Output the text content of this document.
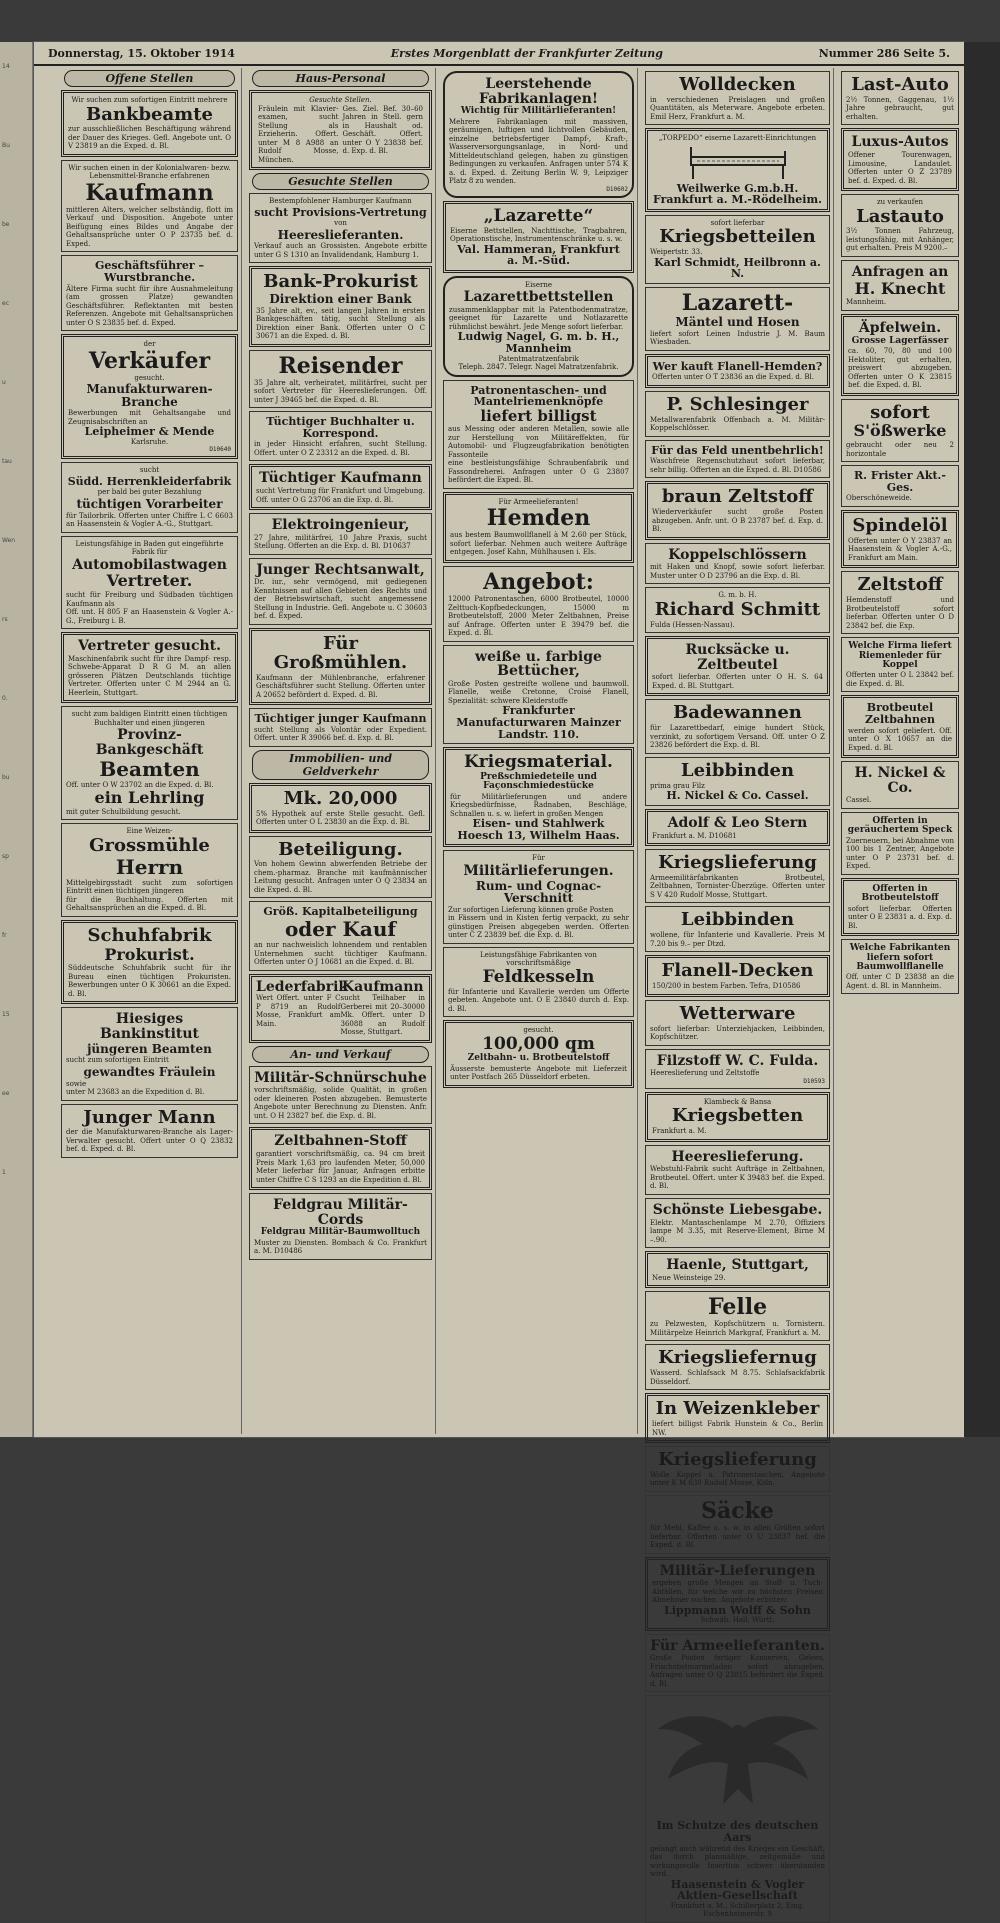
14
Bu
be
ec
u
tau
Wen
rs
0.
bu
sp
fr
15
ee
1
Donnerstag, 15. Oktober 1914	Erstes Morgenblatt der Frankfurter Zeitung	Nummer 286 Seite 5.
Offene Stellen
Wir suchen zum sofortigen Eintritt mehrere
Bankbeamte
zur ausschließlichen Beschäftigung während der Dauer des Krieges. Gefl. Angebote unt. O V 23819 an die Exped. d. Bl.
Wir suchen einen in der Kolonialwaren- bezw. Lebensmittel-Branche erfahrenen
Kaufmann
mittleren Alters, welcher selbständig, flott im Verkauf und Disposition. Angebote unter Beifügung eines Bildes und Angabe der Gehaltsansprüche unter O P 23735 bef. d. Exped.
Geschäftsführer – Wurstbranche.
Ältere Firma sucht für ihre Ausnahmeleitung (am grossen Platze) gewandten Geschäftsführer. Reflektanten mit besten Referenzen. Angebote mit Gehaltsansprüchen unter O S 23835 bef. d. Exped.
der
Verkäufer
gesucht.
Manufakturwaren-Branche
Bewerbungen mit Gehaltsangabe und Zeugnisabschriften an
Leipheimer & Mende
Karlsruhe.
D10640
sucht
Südd. Herrenkleiderfabrik
per bald bei guter Bezahlung
tüchtigen Vorarbeiter
für Tailorbrik. Offerten unter Chiffre L C 6603 an Haasenstein & Vogler A.-G., Stuttgart.
Leistungsfähige in Baden gut eingeführte Fabrik für
Automobilastwagen
Vertreter.
sucht für Freiburg und Südbaden tüchtigen Kaufmann als
Off. unt. H 805 F an Haasenstein & Vogler A.-G., Freiburg i. B.
Vertreter gesucht.
Maschinenfabrik sucht für ihre Dampf- resp. Schwebe-Apparat D R G M. an allen grösseren Plätzen Deutschlands tüchtige Vertreter. Offerten unter C M 2944 an G. Heerlein, Stuttgart.
sucht zum baldigen Eintritt einen tüchtigen Buchhalter und einen jüngeren
Provinz-Bankgeschäft
Beamten
Off. unter O W 23702 an die Exped. d. Bl.
ein Lehrling
mit guter Schulbildung gesucht.
Eine Weizen-
Grossmühle
Herrn
Mittelgebirgsstadt sucht zum sofortigen Eintritt einen tüchtigen jüngeren
für die Buchhaltung. Offerten mit Gehaltsansprüchen an die Exped. d. Bl.
Schuhfabrik
Prokurist.
Süddeutsche Schuhfabrik sucht für ihr Bureau einen tüchtigen Prokuristen. Bewerbungen unter O K 30661 an die Exped. d. Bl.
Hiesiges Bankinstitut
jüngeren Beamten
sucht zum sofortigen Eintritt
gewandtes Fräulein
sowie
unter M 23683 an die Expedition d. Bl.
Junger Mann
der die Manufakturwaren-Branche als Lager-Verwalter gesucht. Offert unter O Q 23832 bef. d. Exped. d. Bl.
Haus-Personal
Gesuchte Stellen.
Fräulein mit Klavier-examen, sucht Stellung als Erzieherin. Offert. unter M 8 A988 an Rudolf Mosse, München.
Ges. Ziel. Bef. 30–60 Jahren in Stell. gern in Haushalt od. Geschäft. Offert. unter O Y 23838 bef. d. Exp. d. Bl.
Gesuchte Stellen
Bestempfohlener Hamburger Kaufmann
sucht Provisions-Vertretung
von
Heereslieferanten.
Verkauf auch an Grossisten. Angebote erbitte unter G S 1310 an Invalidendank, Hamburg 1.
Bank-Prokurist
Direktion einer Bank
35 Jahre alt, ev., seit langen Jahren in ersten Bankgeschäften tätig, sucht Stellung als Direktion einer Bank. Offerten unter O C 30671 an die Exped. d. Bl.
Reisender
35 Jahre alt, verheiratet, militärfrei, sucht per sofort Vertreter für Heereslieferungen. Off. unter J 39465 bef. die Exped. d. Bl.
Tüchtiger Buchhalter u. Korrespond.
in jeder Hinsicht erfahren, sucht Stellung. Offert. unter O Z 23312 an die Exped. d. Bl.
Tüchtiger Kaufmann
sucht Vertretung für Frankfurt und Umgebung. Off. unter O G 23706 an die Exp. d. Bl.
Elektroingenieur,
27 Jahre, militärfrei, 10 Jahre Praxis, sucht Stellung. Offerten an die Exp. d. Bl. D10637
Junger Rechtsanwalt,
Dr. iur., sehr vermögend, mit gediegenen Kenntnissen auf allen Gebieten des Rechts und der Betriebswirtschaft, sucht angemessene Stellung in Industrie. Gefl. Angebote u. C 30603 bef. d. Exped.
Für Großmühlen.
Kaufmann der Mühlenbranche, erfahrener Geschäftsführer sucht Stellung. Offerten unter A 20652 befördert d. Exped. d. Bl.
Tüchtiger junger Kaufmann
sucht Stellung als Volontär oder Expedient. Offert. unter R 39066 bef. d. Exp. d. Bl.
Immobilien- und Geldverkehr
Mk. 20,000
5% Hypothek auf erste Stelle gesucht. Gefl. Offerten unter O L 23830 an die Exp. d. Bl.
Beteiligung.
Von hohem Gewinn abwerfenden Betriebe der chem.-pharmaz. Branche mit kaufmännischer Leitung gesucht. Anfragen unter O Q 23834 an die Exped. d. Bl.
Größ. Kapitalbeteiligung
oder Kauf
an nur nachweislich lohnendem und rentablen Unternehmen sucht tüchtiger Kaufmann. Offerten unter O J 10681 an die Exped. d. Bl.
Lederfabrik
Wert Offert. unter F C P 8719 an Rudolf Mosse, Frankfurt am Main.
Kaufmann
sucht Teilhaber in Gerberei mit 20–30000 Mk. Offert. unter D 36088 an Rudolf Mosse, Stuttgart.
An- und Verkauf
Militär-Schnürschuhe
vorschriftsmäßig, solide Qualität, in großen oder kleineren Posten abzugeben. Bemusterte Angebote unter Berechnung zu Diensten. Anfr. unt. O H 23827 bef. die Exp. d. Bl.
Zeltbahnen-Stoff
garantiert vorschriftsmäßig, ca. 94 cm breit Preis Mark 1,63 pro laufenden Meter, 50,000 Meter lieferbar für Januar, Anfragen erbitte unter Chiffre C S 1293 an die Expedition d. Bl.
Feldgrau Militär-Cords
Feldgrau Militär-Baumwolltuch
Muster zu Diensten. Bombach & Co. Frankfurt a. M. D10486
Leerstehende Fabrikanlagen!
Wichtig für Militärlieferanten!
Mehrere Fabrikanlagen mit massiven, geräumigen, luftigen und lichtvollen Gebäuden, einzelne betriebsfertiger Dampf-, Kraft-, Wasserversorgungsanlage, in Nord- und Mitteldeutschland gelegen, haben zu günstigen Bedingungen zu verkaufen. Anfragen unter 574 K a. d. Exped. d. Zeitung Berlin W. 9, Leipziger Platz 8 zu wenden.
D10602
„Lazarette“
Eiserne Bettstellen, Nachttische, Tragbahren, Operationstische, Instrumentenschränke u. s. w.
Val. Hammeran, Frankfurt a. M.-Süd.
Eiserne
Lazarettbettstellen
zusammenklappbar mit la Patentbodenmatratze, geeignet für Lazarette und Notlazarette rühmlichst bewährt. Jede Menge sofort lieferbar.
Ludwig Nagel, G. m. b. H., Mannheim
Patentmatratzenfabrik
Teleph. 2847. Telegr. Nagel Matratzenfabrik.
Patronentaschen- und Mantelriemenknöpfe
liefert billigst
aus Messing oder anderen Metallen, sowie alle zur Herstellung von Militäreffekten, für Automobil- und Flugzeugfabrikation benötigten Fassonteile
eine bestleistungsfähige Schraubenfabrik und Fassondreherei. Anfragen unter O G 23807 befördert die Exped. Bl.
Für Armeelieferanten!
Hemden
aus bestem Baumwollflanell à M 2.60 per Stück, sofort lieferbar. Nehmen auch weitere Aufträge entgegen. Josef Kahn, Mühlhausen i. Els.
Angebot:
12000 Patronentaschen, 6000 Brotbeutel, 10000 Zelttuch-Kopfbedeckungen, 15000 m Brotbeutelstoff, 2000 Meter Zeltbahnen, Preise auf Anfrage. Offerten unter E 39479 bef. die Exped. d. Bl.
weiße u. farbige Bettücher,
Große Posten gestreifte wollene und baumwoll. Flanelle, weiße Cretonne, Croisé Flanell, Spezialität: schwere Kleiderstoffe
Frankfurter Manufacturwaren Mainzer Landstr. 110.
Kriegsmaterial.
Preßschmiedeteile und Façonschmiedestücke
für Militärlieferungen und andere Kriegsbedürfnisse, Radnaben, Beschläge, Schnallen u. s. w. liefert in großen Mengen
Eisen- und Stahlwerk Hoesch 13, Wilhelm Haas.
Für
Militärlieferungen.
Rum- und Cognac-Verschnitt
Zur sofortigen Lieferung können große Posten
in Fässern und in Kisten fertig verpackt, zu sehr günstigen Preisen abgegeben werden. Offerten unter C Z 23839 bef. die Exp. d. Bl.
Leistungsfähige Fabrikanten von vorschriftsmäßige
Feldkesseln
für Infanterie und Kavallerie werden um Offerte gebeten. Angebote unt. O E 23840 durch d. Exp. d. Bl.
gesucht.
100,000 qm
Zeltbahn- u. Brotbeutelstoff
Äusserste bemusterte Angebote mit Lieferzeit unter Postfach 265 Düsseldorf erbeten.
Wolldecken
in verschiedenen Preislagen und großen Quantitäten, als Meterware. Angebote erbeten. Emil Herz, Frankfurt a. M.
„TORPEDO“ eiserne Lazarett-Einrichtungen
Weilwerke G.m.b.H. Frankfurt a. M.-Rödelheim.
sofort lieferbar
Kriegsbetteilen
Weipertstr. 33.
Karl Schmidt, Heilbronn a. N.
Lazarett-
Mäntel und Hosen
liefert sofort Leinen Industrie J. M. Baum Wiesbaden.
Wer kauft Flanell-Hemden?
Offerten unter O T 23836 an die Exped. d. Bl.
P. Schlesinger
Metallwarenfabrik Offenbach a. M. Militär-Koppelschlösser.
Für das Feld unentbehrlich!
Waschfreie Regenschutzhaut sofort lieferbar, sehr billig. Offerten an die Exped. d. Bl. D10586
braun Zeltstoff
Wiederverkäufer sucht große Posten abzugeben. Anfr. unt. O B 23787 bef. d. Exp. d. Bl.
Koppelschlössern
mit Haken und Knopf, sowie sofort lieferbar. Muster unter O D 23796 an die Exp. d. Bl.
G. m. b. H.
Richard Schmitt
Fulda (Hessen-Nassau).
Rucksäcke u. Zeltbeutel
sofort lieferbar. Offerten unter O H. S. 64 Exped. d. Bl. Stuttgart.
Badewannen
für Lazarettbedarf, einige hundert Stück, verzinkt, zu sofortigem Versand. Off. unter O Z 23826 befördert die Exp. d. Bl.
Leibbinden
prima grau Filz
H. Nickel & Co. Cassel.
Adolf & Leo Stern
Frankfurt a. M. D10681
Kriegslieferung
Armeemilitärfabrikanten Brotbeutel, Zeltbahnen, Tornister-Überzüge. Offerten unter S V 420 Rudolf Mosse, Stuttgart.
Leibbinden
wollene, für Infanterie und Kavallerie. Preis M 7.20 bis 9.– per Dtzd.
Flanell-Decken
150/200 in bestem Farben. Tefra, D10586
Wetterware
sofort lieferbar: Unterziehjacken, Leibbinden, Kopfschützer.
Filzstoff W. C. Fulda.
Heereslieferung und Zeltstoffe
D10593
Klambeck & Bansa
Kriegsbetten
Frankfurt a. M.
Heereslieferung.
Webstuhl-Fabrik sucht Aufträge in Zeltbahnen, Brotbeutel. Offert. unter K 39483 bef. die Exped. d. Bl.
Schönste Liebesgabe.
Elektr. Mantaschenlampe M 2.70, Offiziers lampe M 3.35, mit Reserve-Element, Birne M –.90.
Haenle, Stuttgart,
Neue Weinsteige 29.
Felle
zu Pelzwesten, Kopfschützern u. Tornistern. Militärpelze Heinrich Markgraf, Frankfurt a. M.
Kriegsliefernug
Wasserd. Schlafsack M 8.75. Schlafsackfabrik Düsseldorf.
In Weizenkleber
liefert billigst Fabrik Hunstein & Co., Berlin NW.
Kriegslieferung
Wolle Koppel u. Patronentaschen, Angebote unter K M 630 Rudolf Mosse, Köln.
Säcke
für Mehl, Kaffee u. s. w. in allen Größen sofort lieferbar. Offerten unter O U 23837 bef. die Exped. d. Bl.
Militär-Lieferungen
ergeben große Mengen an Stoff- u. Tuch-Abfällen, für welche wir zu höchsten Preisen Abnehmer suchen. Angebote erbitten:
Lippmann Wolff & Sohn
Schwäb. Hall, Württ.
Für Armeelieferanten.
Große Posten fertiger Konserven, Gelees, Frischobstmarmeladen sofort abzugeben. Anfragen unter O Q 23815 befördert die Exped. d. Bl.
Im Schutze des deutschen Aars
gelangt auch während des Krieges ein Geschäft, das durch planmäßige, zeitgemäße und wirkungsvolle Insertion schwer überstanden wird.
Haasenstein & Vogler Aktien-Gesellschaft
Frankfurt a. M., Schillerplatz 2, Eing. Eschenheimerstr. 9
Last-Auto
2½ Tonnen, Gaggenau, 1½ Jahre gebraucht, gut erhalten.
Luxus-Autos
Offener Tourenwagen, Limousine, Landaulet. Offerten unter O Z 23789 bef. d. Exped. d. Bl.
zu verkaufen
Lastauto
3½ Tonnen Fahrzeug, leistungsfähig, mit Anhänger, gut erhalten. Preis M 9200.–
Anfragen an
H. Knecht
Mannheim.
Äpfelwein.
Grosse Lagerfässer
ca. 60, 70, 80 und 100 Hektoliter, gut erhalten, preiswert abzugeben. Offerten unter O K 23815 bef. die Exped. d. Bl.
sofort
S'ößwerke
gebraucht oder neu 2 horizontale
R. Frister Akt.-Ges.
Oberschöneweide.
Spindelöl
Offerten unter O Y 23837 an Haasenstein & Vogler A.-G., Frankfurt am Main.
Zeltstoff
Hemdenstoff und Brotbeutelstoff sofort lieferbar. Offerten unter O D 23842 bef. die Exp.
Welche Firma liefert Riemenleder für Koppel
Offerten unter O L 23842 bef. die Exped. d. Bl.
Brotbeutel Zeltbahnen
werden sofort geliefert. Off. unter O X 10657 an die Exped. d. Bl.
H. Nickel & Co.
Cassel.
Offerten in geräuchertem Speck
Zuerneuern, bei Abnahme von 100 bis 1 Zentner, Angebote unter O P 23731 bef. d. Exped.
Offerten in Brotbeutelstoff
sofort lieferbar. Offerten unter O E 23831 a. d. Exp. d. Bl.
Welche Fabrikanten liefern sofort Baumwollflanelle
Off. unter C D 23838 an die Agent. d. Bl. in Mannheim.
